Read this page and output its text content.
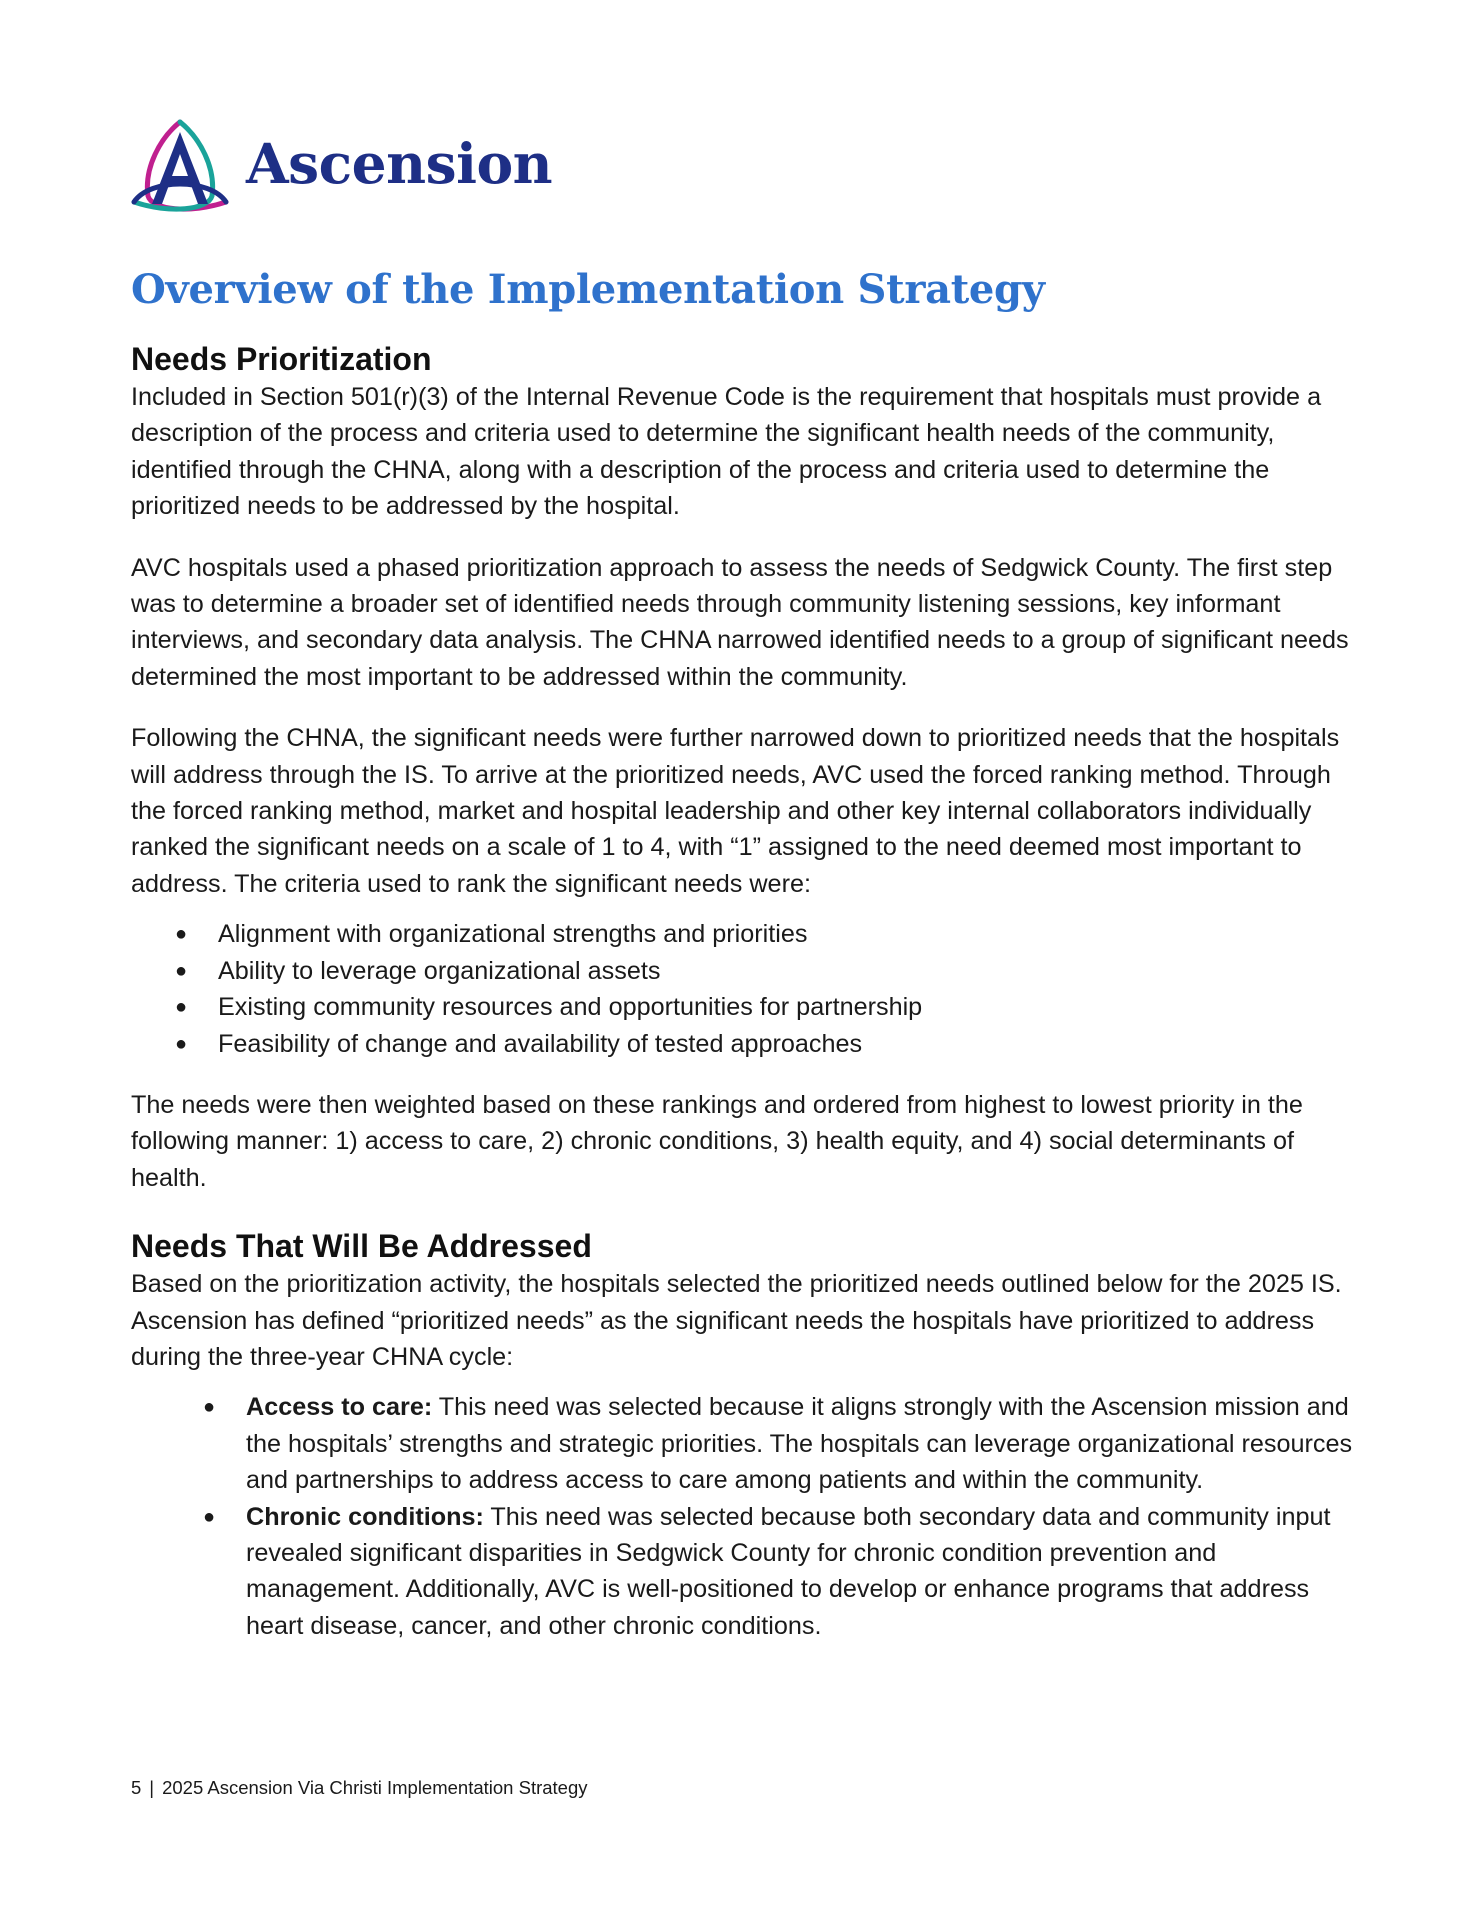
Ascension
Overview of the Implementation Strategy
Needs Prioritization

Included in Section 501(r)(3) of the Internal Revenue Code is the requirement that hospitals must provide a description of the process and criteria used to determine the significant health needs of the community, identified through the CHNA, along with a description of the process and criteria used to determine the prioritized needs to be addressed by the hospital.

AVC hospitals used a phased prioritization approach to assess the needs of Sedgwick County. The first step was to determine a broader set of identified needs through community listening sessions, key informant interviews, and secondary data analysis. The CHNA narrowed identified needs to a group of significant needs determined the most important to be addressed within the community.

Following the CHNA, the significant needs were further narrowed down to prioritized needs that the hospitals will address through the IS. To arrive at the prioritized needs, AVC used the forced ranking method. Through the forced ranking method, market and hospital leadership and other key internal collaborators individually ranked the significant needs on a scale of 1 to 4, with “1” assigned to the need deemed most important to address. The criteria used to rank the significant needs were:

● Alignment with organizational strengths and priorities
● Ability to leverage organizational assets
● Existing community resources and opportunities for partnership
● Feasibility of change and availability of tested approaches

The needs were then weighted based on these rankings and ordered from highest to lowest priority in the following manner: 1) access to care, 2) chronic conditions, 3) health equity, and 4) social determinants of health.

Needs That Will Be Addressed

Based on the prioritization activity, the hospitals selected the prioritized needs outlined below for the 2025 IS. Ascension has defined “prioritized needs” as the significant needs the hospitals have prioritized to address during the three-year CHNA cycle:

● Access to care: This need was selected because it aligns strongly with the Ascension mission and the hospitals’ strengths and strategic priorities. The hospitals can leverage organizational resources and partnerships to address access to care among patients and within the community.
● Chronic conditions: This need was selected because both secondary data and community input revealed significant disparities in Sedgwick County for chronic condition prevention and management. Additionally, AVC is well-positioned to develop or enhance programs that address heart disease, cancer, and other chronic conditions.
5 | 2025 Ascension Via Christi Implementation Strategy
